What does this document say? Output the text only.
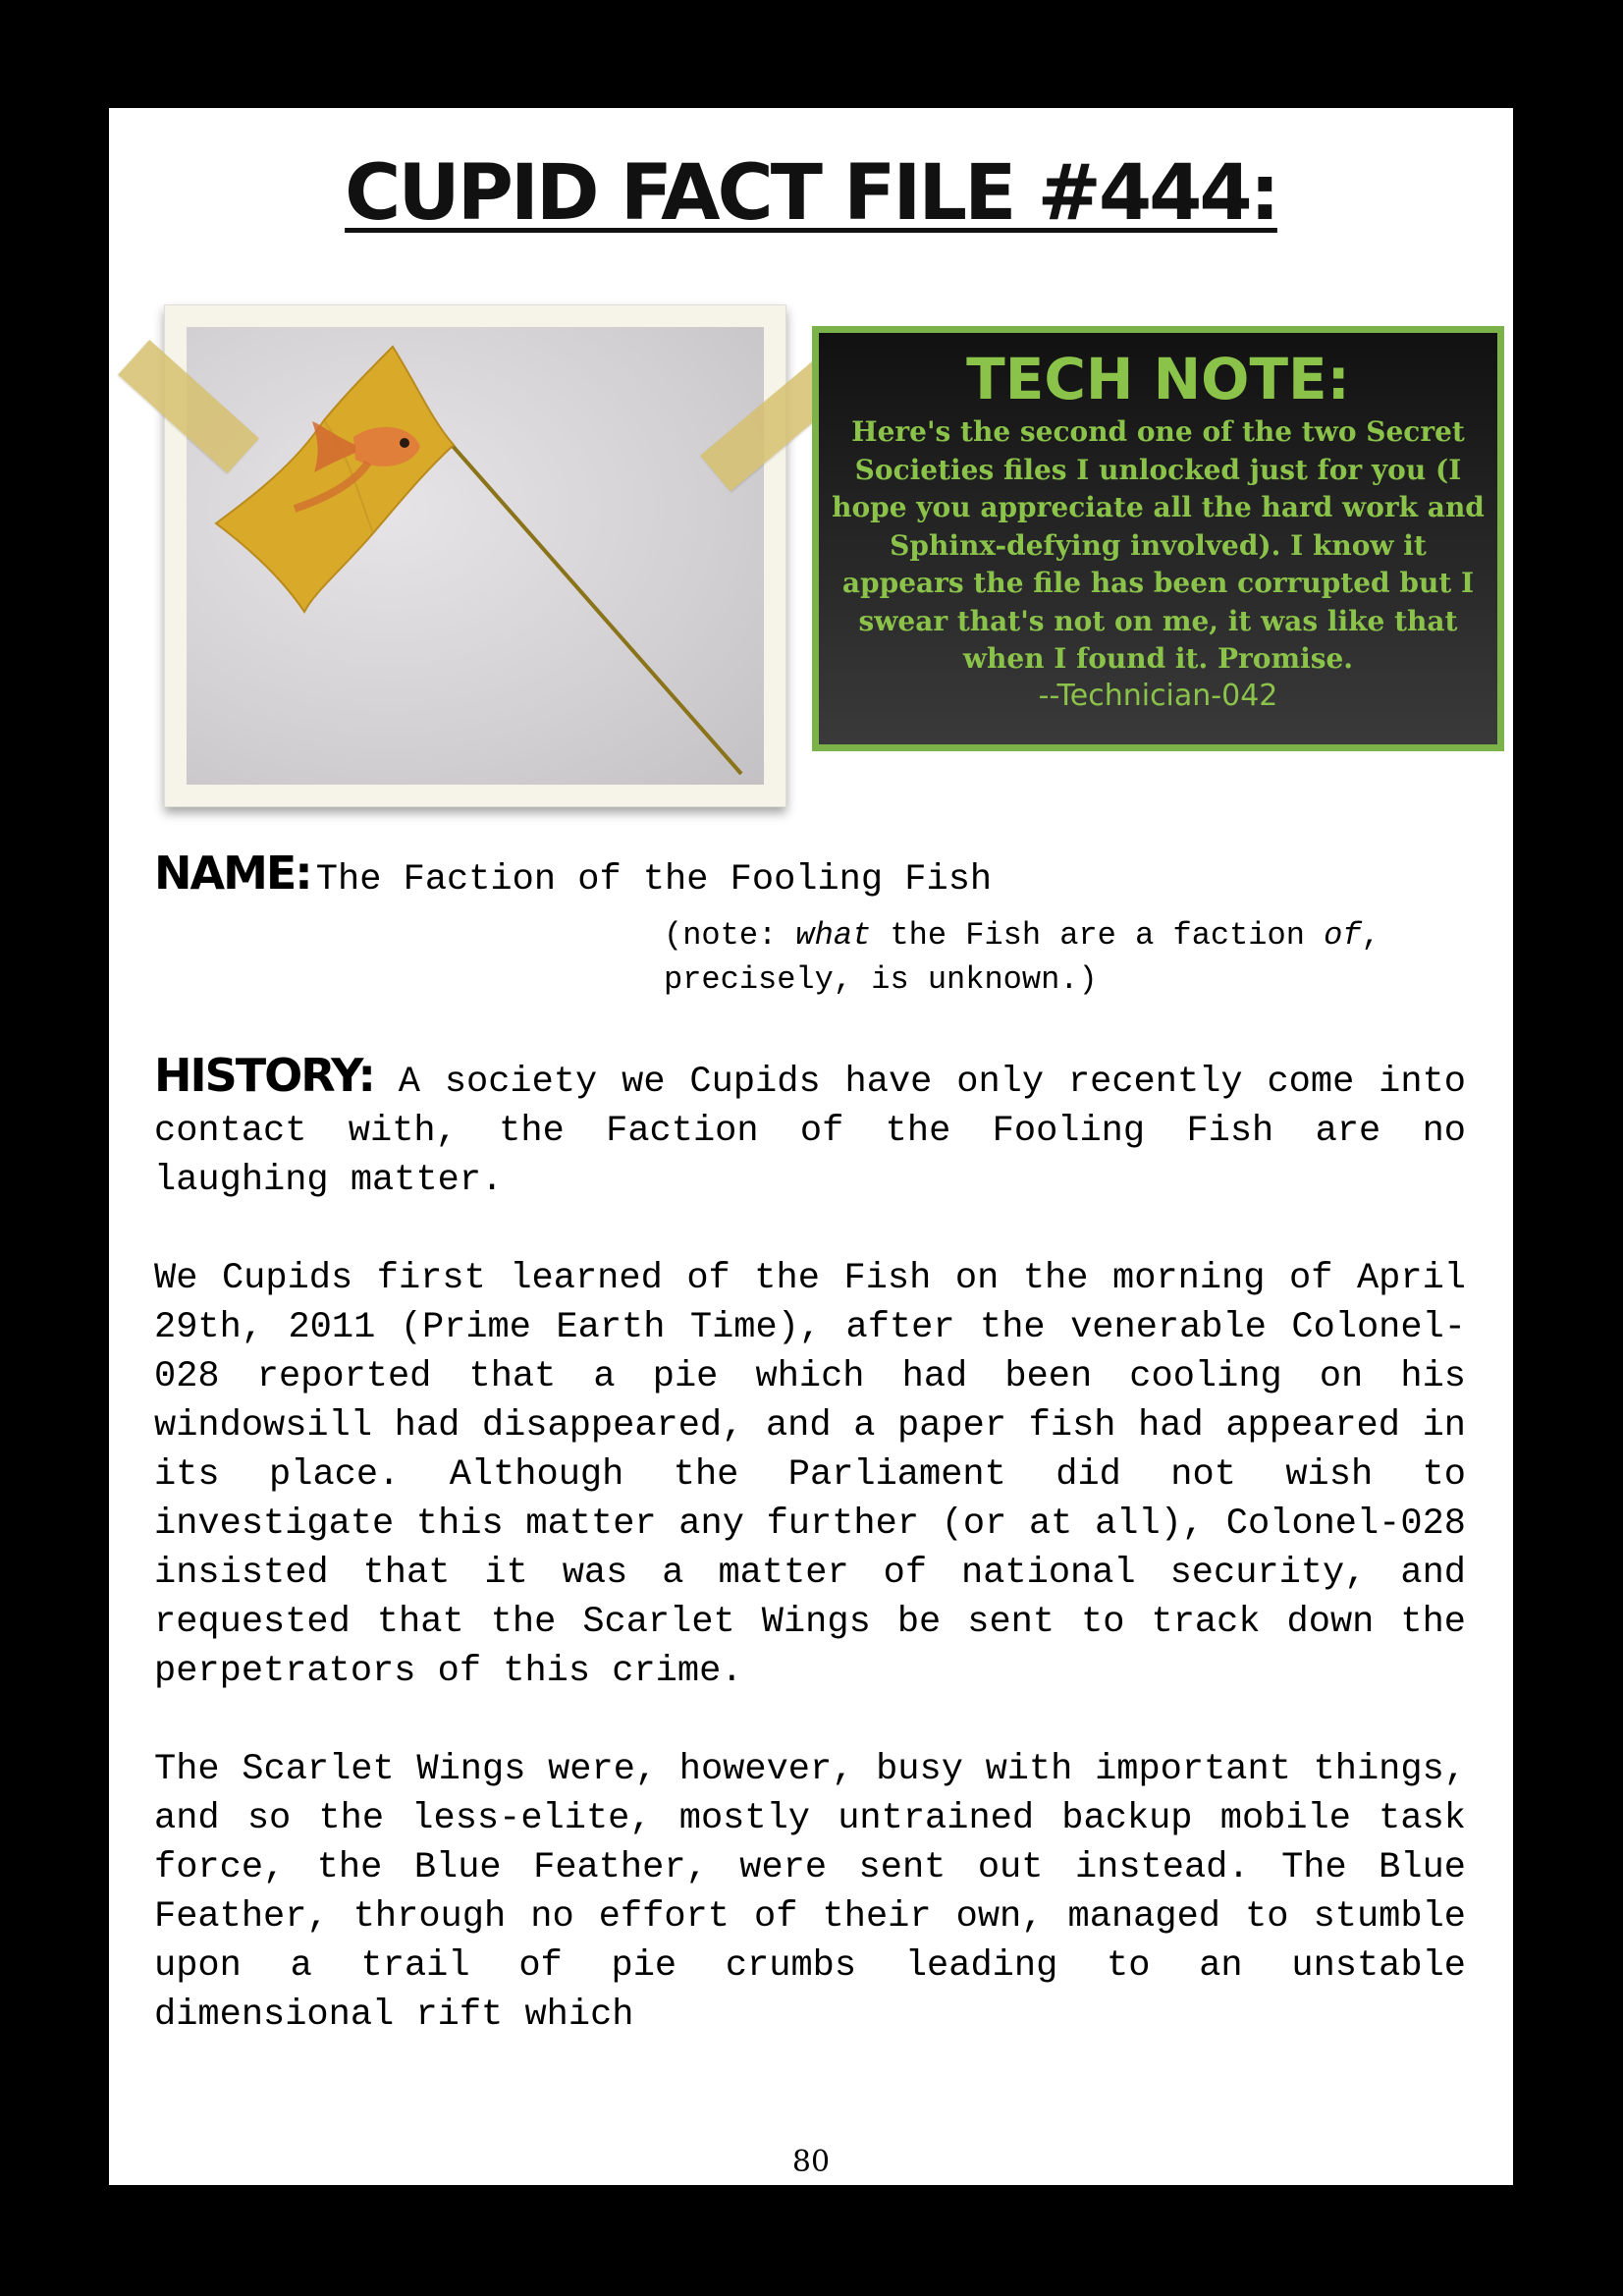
CUPID FACT FILE #444:
TECH NOTE:
Here's the second one of the two Secret Societies files I unlocked just for you (I hope you appreciate all the hard work and Sphinx-defying involved). I know it appears the file has been corrupted but I swear that's not on me, it was like that when I found it. Promise.
--Technician-042
NAME: The Faction of the Fooling Fish
(note: what the Fish are a faction of, precisely, is unknown.)

HISTORY: A society we Cupids have only recently come into contact with, the Faction of the Fooling Fish are no laughing matter.

We Cupids first learned of the Fish on the morning of April 29th, 2011 (Prime Earth Time), after the venerable Colonel-028 reported that a pie which had been cooling on his windowsill had disappeared, and a paper fish had appeared in its place. Although the Parliament did not wish to investigate this matter any further (or at all), Colonel-028 insisted that it was a matter of national security, and requested that the Scarlet Wings be sent to track down the perpetrators of this crime.

The Scarlet Wings were, however, busy with important things, and so the less-elite, mostly untrained backup mobile task force, the Blue Feather, were sent out instead. The Blue Feather, through no effort of their own, managed to stumble upon a trail of pie crumbs leading to an unstable dimensional rift which

80
